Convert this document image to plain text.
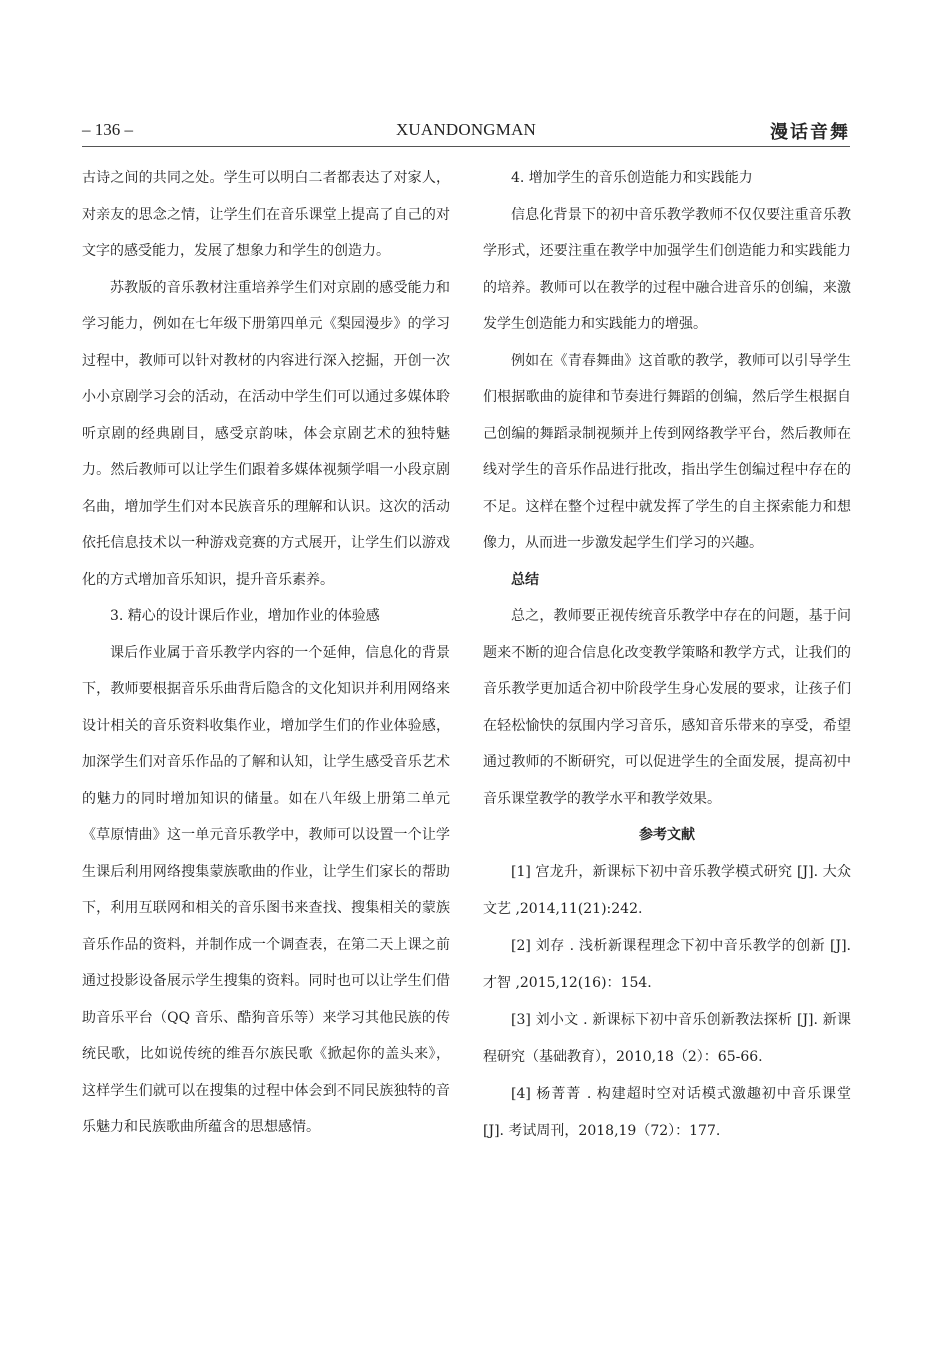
– 136 –	XUANDONGMAN	漫话音舞

古诗之间的共同之处。学生可以明白二者都表达了对家人，对亲友的思念之情，让学生们在音乐课堂上提高了自己的对文字的感受能力，发展了想象力和学生的创造力。

苏教版的音乐教材注重培养学生们对京剧的感受能力和学习能力，例如在七年级下册第四单元《梨园漫步》的学习过程中，教师可以针对教材的内容进行深入挖掘，开创一次小小京剧学习会的活动，在活动中学生们可以通过多媒体聆听京剧的经典剧目，感受京韵味，体会京剧艺术的独特魅力。然后教师可以让学生们跟着多媒体视频学唱一小段京剧名曲，增加学生们对本民族音乐的理解和认识。这次的活动依托信息技术以一种游戏竞赛的方式展开，让学生们以游戏化的方式增加音乐知识，提升音乐素养。

3. 精心的设计课后作业，增加作业的体验感

课后作业属于音乐教学内容的一个延伸，信息化的背景下，教师要根据音乐乐曲背后隐含的文化知识并利用网络来设计相关的音乐资料收集作业，增加学生们的作业体验感，加深学生们对音乐作品的了解和认知，让学生感受音乐艺术的魅力的同时增加知识的储量。如在八年级上册第二单元《草原情曲》这一单元音乐教学中，教师可以设置一个让学生课后利用网络搜集蒙族歌曲的作业，让学生们家长的帮助下，利用互联网和相关的音乐图书来查找、搜集相关的蒙族音乐作品的资料，并制作成一个调查表，在第二天上课之前通过投影设备展示学生搜集的资料。同时也可以让学生们借助音乐平台（QQ 音乐、酷狗音乐等）来学习其他民族的传统民歌，比如说传统的维吾尔族民歌《掀起你的盖头来》，这样学生们就可以在搜集的过程中体会到不同民族独特的音乐魅力和民族歌曲所蕴含的思想感情。

4. 增加学生的音乐创造能力和实践能力

信息化背景下的初中音乐教学教师不仅仅要注重音乐教学形式，还要注重在教学中加强学生们创造能力和实践能力的培养。教师可以在教学的过程中融合进音乐的创编，来激发学生创造能力和实践能力的增强。

例如在《青春舞曲》这首歌的教学，教师可以引导学生们根据歌曲的旋律和节奏进行舞蹈的创编，然后学生根据自己创编的舞蹈录制视频并上传到网络教学平台，然后教师在线对学生的音乐作品进行批改，指出学生创编过程中存在的不足。这样在整个过程中就发挥了学生的自主探索能力和想像力，从而进一步激发起学生们学习的兴趣。

总结

总之，教师要正视传统音乐教学中存在的问题，基于问题来不断的迎合信息化改变教学策略和教学方式，让我们的音乐教学更加适合初中阶段学生身心发展的要求，让孩子们在轻松愉快的氛围内学习音乐，感知音乐带来的享受，希望通过教师的不断研究，可以促进学生的全面发展，提高初中音乐课堂教学的教学水平和教学效果。

参考文献

[1] 宫龙升，新课标下初中音乐教学模式研究 [J]. 大众文艺 ,2014,11(21):242.

[2] 刘存 . 浅析新课程理念下初中音乐教学的创新 [J]. 才智 ,2015,12(16)：154.

[3] 刘小文 . 新课标下初中音乐创新教法探析 [J]. 新课程研究（基础教育），2010,18（2）：65-66.

[4] 杨菁菁 . 构建超时空对话模式激趣初中音乐课堂 [J]. 考试周刊，2018,19（72）：177.
